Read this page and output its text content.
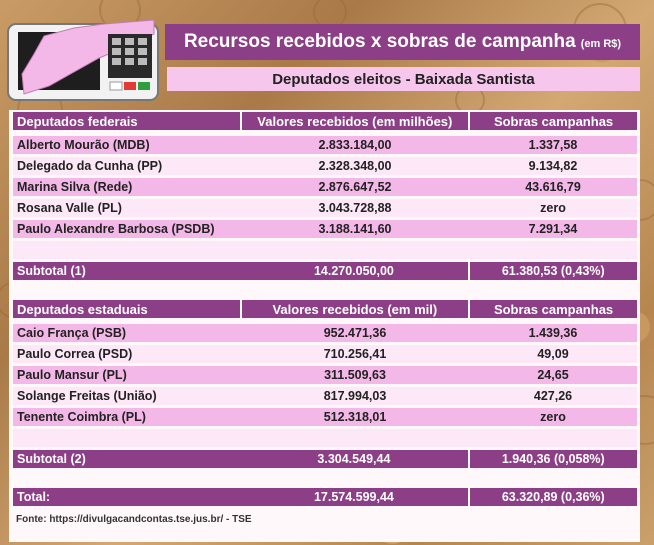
Recursos recebidos x sobras de campanha (em R$)
Deputados eleitos - Baixada Santista
Deputados federais	Valores recebidos (em milhões)	Sobras campanhas
Alberto Mourão (MDB)	2.833.184,00	1.337,58
Delegado da Cunha (PP)	2.328.348,00	9.134,82
Marina Silva (Rede)	2.876.647,52	43.616,79
Rosana Valle (PL)	3.043.728,88	zero
Paulo Alexandre Barbosa (PSDB)	3.188.141,60	7.291,34
Subtotal (1)	14.270.050,00	61.380,53 (0,43%)
Deputados estaduais	Valores recebidos (em mil)	Sobras campanhas
Caio França (PSB)	952.471,36	1.439,36
Paulo Correa (PSD)	710.256,41	49,09
Paulo Mansur (PL)	311.509,63	24,65
Solange Freitas (União)	817.994,03	427,26
Tenente Coimbra (PL)	512.318,01	zero
Subtotal (2)	3.304.549,44	1.940,36 (0,058%)
Total:	17.574.599,44	63.320,89 (0,36%)
Fonte: https://divulgacandcontas.tse.jus.br/ - TSE
